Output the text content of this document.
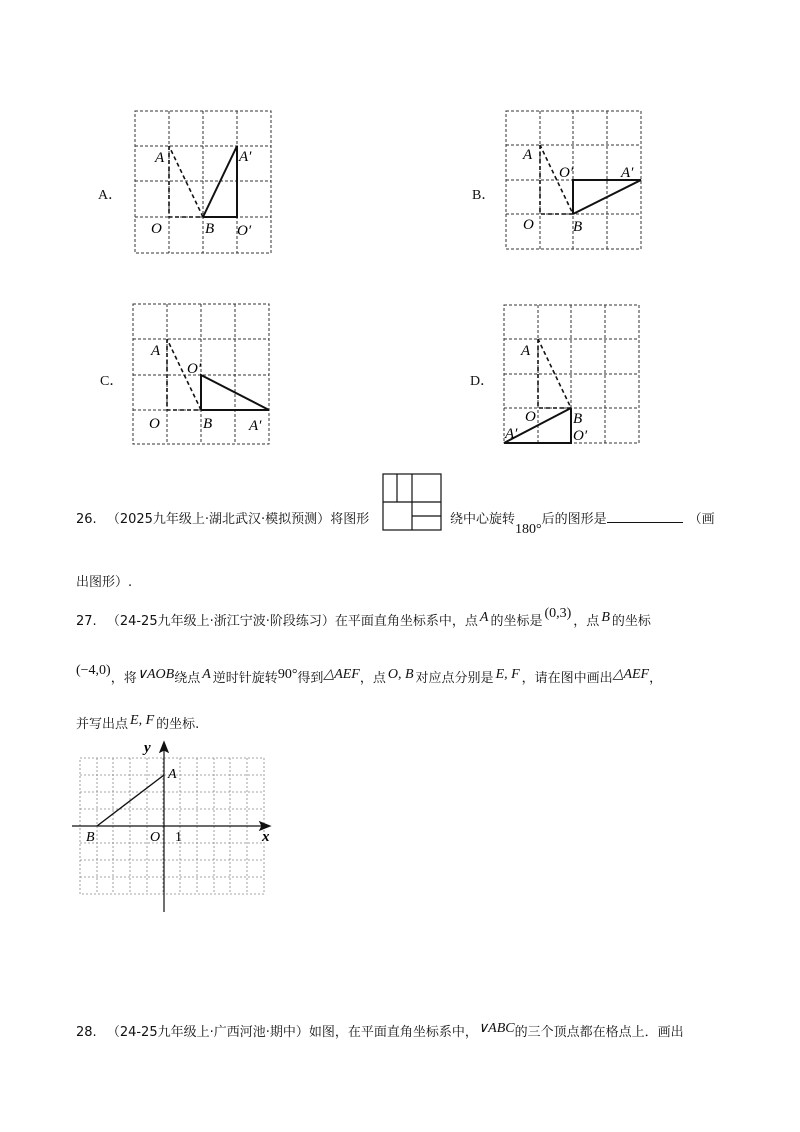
A．
A	A′
O	B O′
B．
A
O′	A′
O	B
C．
A
O′
O	B A′
D．
A
O B
A′	O′
26. （2025九年级上·湖北武汉·模拟预测）将图形	绕中心旋转180°后的图形是	（画
出图形）.
27. （24-25九年级上·浙江宁波·阶段练习）在平面直角坐标系中，点 A 的坐标是(0,3)，点 B 的坐标
(−4,0)，将∨AOB绕点 A 逆时针旋转90°得到△AEF，点 O, B 对应点分别是 E, F ，请在图中画出△AEF，
并写出点 E, F 的坐标.
y
x
A
B	O 1
28. （24-25九年级上·广西河池·期中）如图，在平面直角坐标系中，∨ABC的三个顶点都在格点上．画出
